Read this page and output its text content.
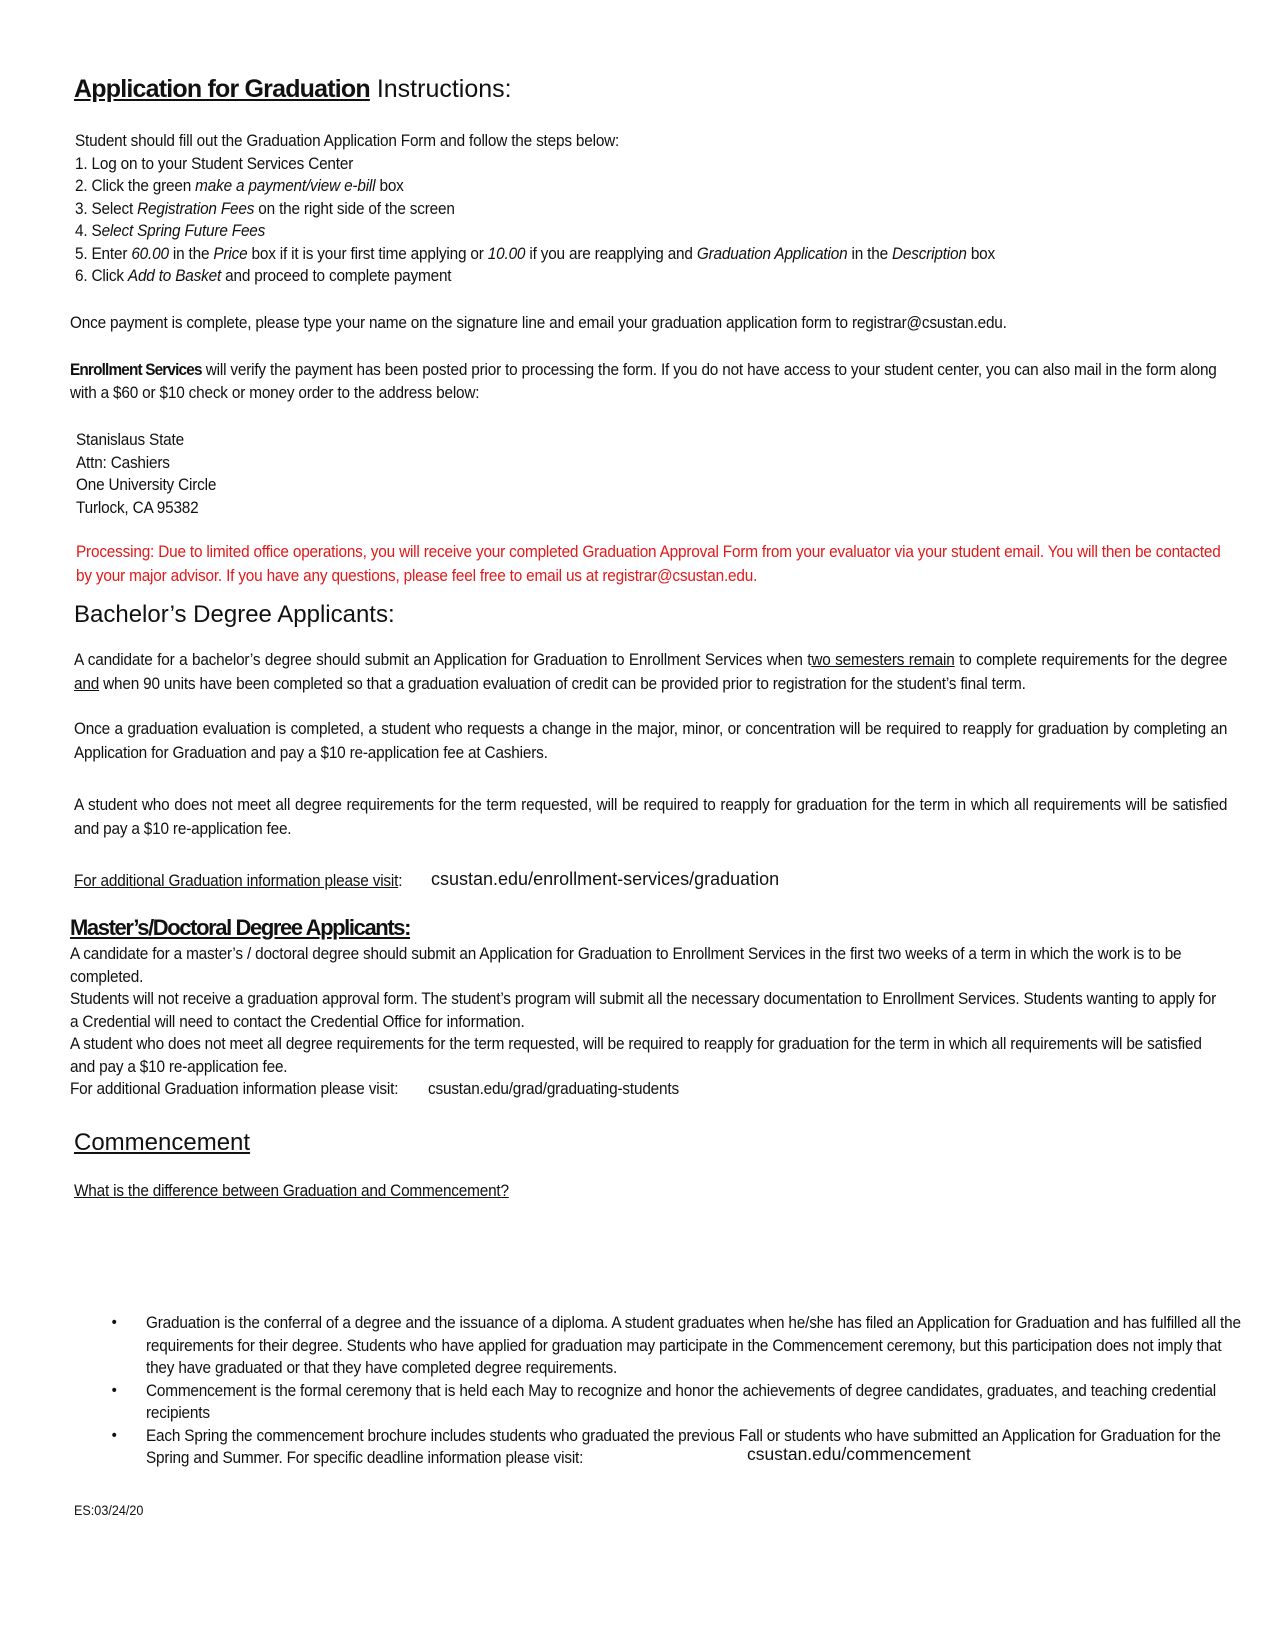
Application for Graduation Instructions:
Student should fill out the Graduation Application Form and follow the steps below:
1. Log on to your Student Services Center
2. Click the green make a payment/view e-bill box
3. Select Registration Fees on the right side of the screen
4. Select Spring Future Fees
5. Enter 60.00 in the Price box if it is your first time applying or 10.00 if you are reapplying and Graduation Application in the Description box
6. Click Add to Basket and proceed to complete payment
Once payment is complete, please type your name on the signature line and email your graduation application form to registrar@csustan.edu.
Enrollment Services will verify the payment has been posted prior to processing the form. If you do not have access to your student center, you can also mail in the form along with a $60 or $10 check or money order to the address below:
Stanislaus State
Attn: Cashiers
One University Circle
Turlock, CA 95382
Processing: Due to limited office operations, you will receive your completed Graduation Approval Form from your evaluator via your student email. You will then be contacted by your major advisor. If you have any questions, please feel free to email us at registrar@csustan.edu.
Bachelor’s Degree Applicants:
A candidate for a bachelor’s degree should submit an Application for Graduation to Enrollment Services when two semesters remain to complete requirements for the degree and when 90 units have been completed so that a graduation evaluation of credit can be provided prior to registration for the student’s final term.
Once a graduation evaluation is completed, a student who requests a change in the major, minor, or concentration will be required to reapply for graduation by completing an Application for Graduation and pay a $10 re-application fee at Cashiers.
A student who does not meet all degree requirements for the term requested, will be required to reapply for graduation for the term in which all requirements will be satisfied and pay a $10 re-application fee.
For additional Graduation information please visit: csustan.edu/enrollment-services/graduation
Master’s/Doctoral Degree Applicants:
A candidate for a master’s / doctoral degree should submit an Application for Graduation to Enrollment Services in the first two weeks of a term in which the work is to be completed.
Students will not receive a graduation approval form. The student’s program will submit all the necessary documentation to Enrollment Services. Students wanting to apply for a Credential will need to contact the Credential Office for information.
A student who does not meet all degree requirements for the term requested, will be required to reapply for graduation for the term in which all requirements will be satisfied and pay a $10 re-application fee.
For additional Graduation information please visit:	csustan.edu/grad/graduating-students
Commencement
What is the difference between Graduation and Commencement?
• Graduation is the conferral of a degree and the issuance of a diploma. A student graduates when he/she has filed an Application for Graduation and has fulfilled all the requirements for their degree. Students who have applied for graduation may participate in the Commencement ceremony, but this participation does not imply that they have graduated or that they have completed degree requirements.
• Commencement is the formal ceremony that is held each May to recognize and honor the achievements of degree candidates, graduates, and teaching credential recipients
• Each Spring the commencement brochure includes students who graduated the previous Fall or students who have submitted an Application for Graduation for the Spring and Summer. For specific deadline information please visit:	csustan.edu/commencement
ES:03/24/20
